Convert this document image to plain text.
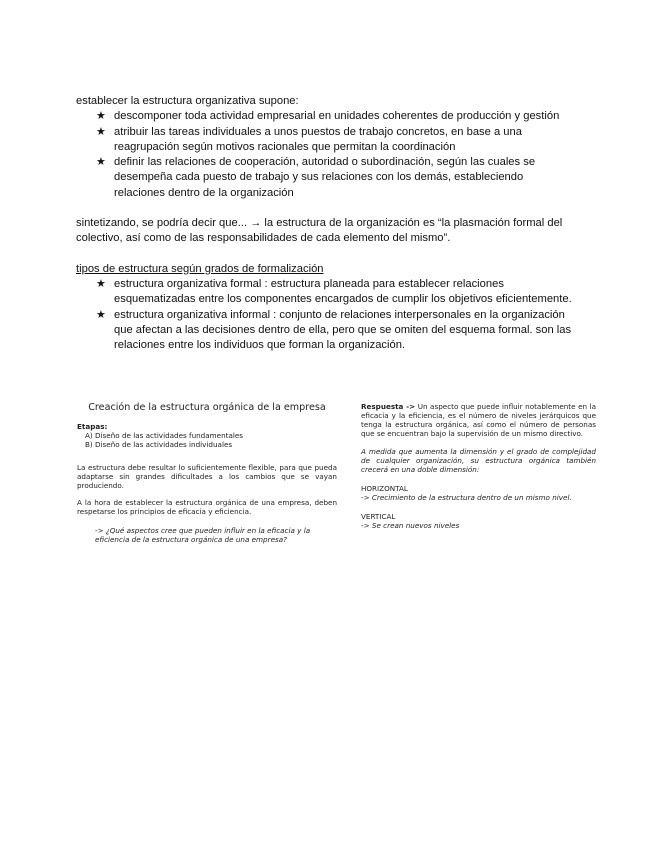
establecer la estructura organizativa supone:

★ descomponer toda actividad empresarial en unidades coherentes de producción y gestión
★ atribuir las tareas individuales a unos puestos de trabajo concretos, en base a una reagrupación según motivos racionales que permitan la coordinación
★ definir las relaciones de cooperación, autoridad o subordinación, según las cuales se desempeña cada puesto de trabajo y sus relaciones con los demás, estableciendo relaciones dentro de la organización

sintetizando, se podría decir que... → la estructura de la organización es “la plasmación formal del colectivo, así como de las responsabilidades de cada elemento del mismo”.

tipos de estructura según grados de formalización

★ estructura organizativa formal : estructura planeada para establecer relaciones esquematizadas entre los componentes encargados de cumplir los objetivos eficientemente.
★ estructura organizativa informal : conjunto de relaciones interpersonales en la organización que afectan a las decisiones dentro de ella, pero que se omiten del esquema formal. son las relaciones entre los individuos que forman la organización.
Creación de la estructura orgánica de la empresa
Etapas:
A) Diseño de las actividades fundamentales
B) Diseño de las actividades individuales
La estructura debe resultar lo suficientemente flexible, para que pueda adaptarse sin grandes dificultades a los cambios que se vayan produciendo.
A la hora de establecer la estructura orgánica de una empresa, deben respetarse los principios de eficacia y eficiencia.
-> ¿Qué aspectos cree que pueden influir en la eficacia y la eficiencia de la estructura orgánica de una empresa?
Respuesta -> Un aspecto que puede influir notablemente en la eficacia y la eficiencia, es el número de niveles jerárquicos que tenga la estructura orgánica, así como el número de personas que se encuentran bajo la supervisión de un mismo directivo.
A medida que aumenta la dimensión y el grado de complejidad de cualquier organización, su estructura orgánica también crecerá en una doble dimensión:
HORIZONTAL
-> Crecimiento de la estructura dentro de un mismo nivel.
VERTICAL
-> Se crean nuevos niveles
